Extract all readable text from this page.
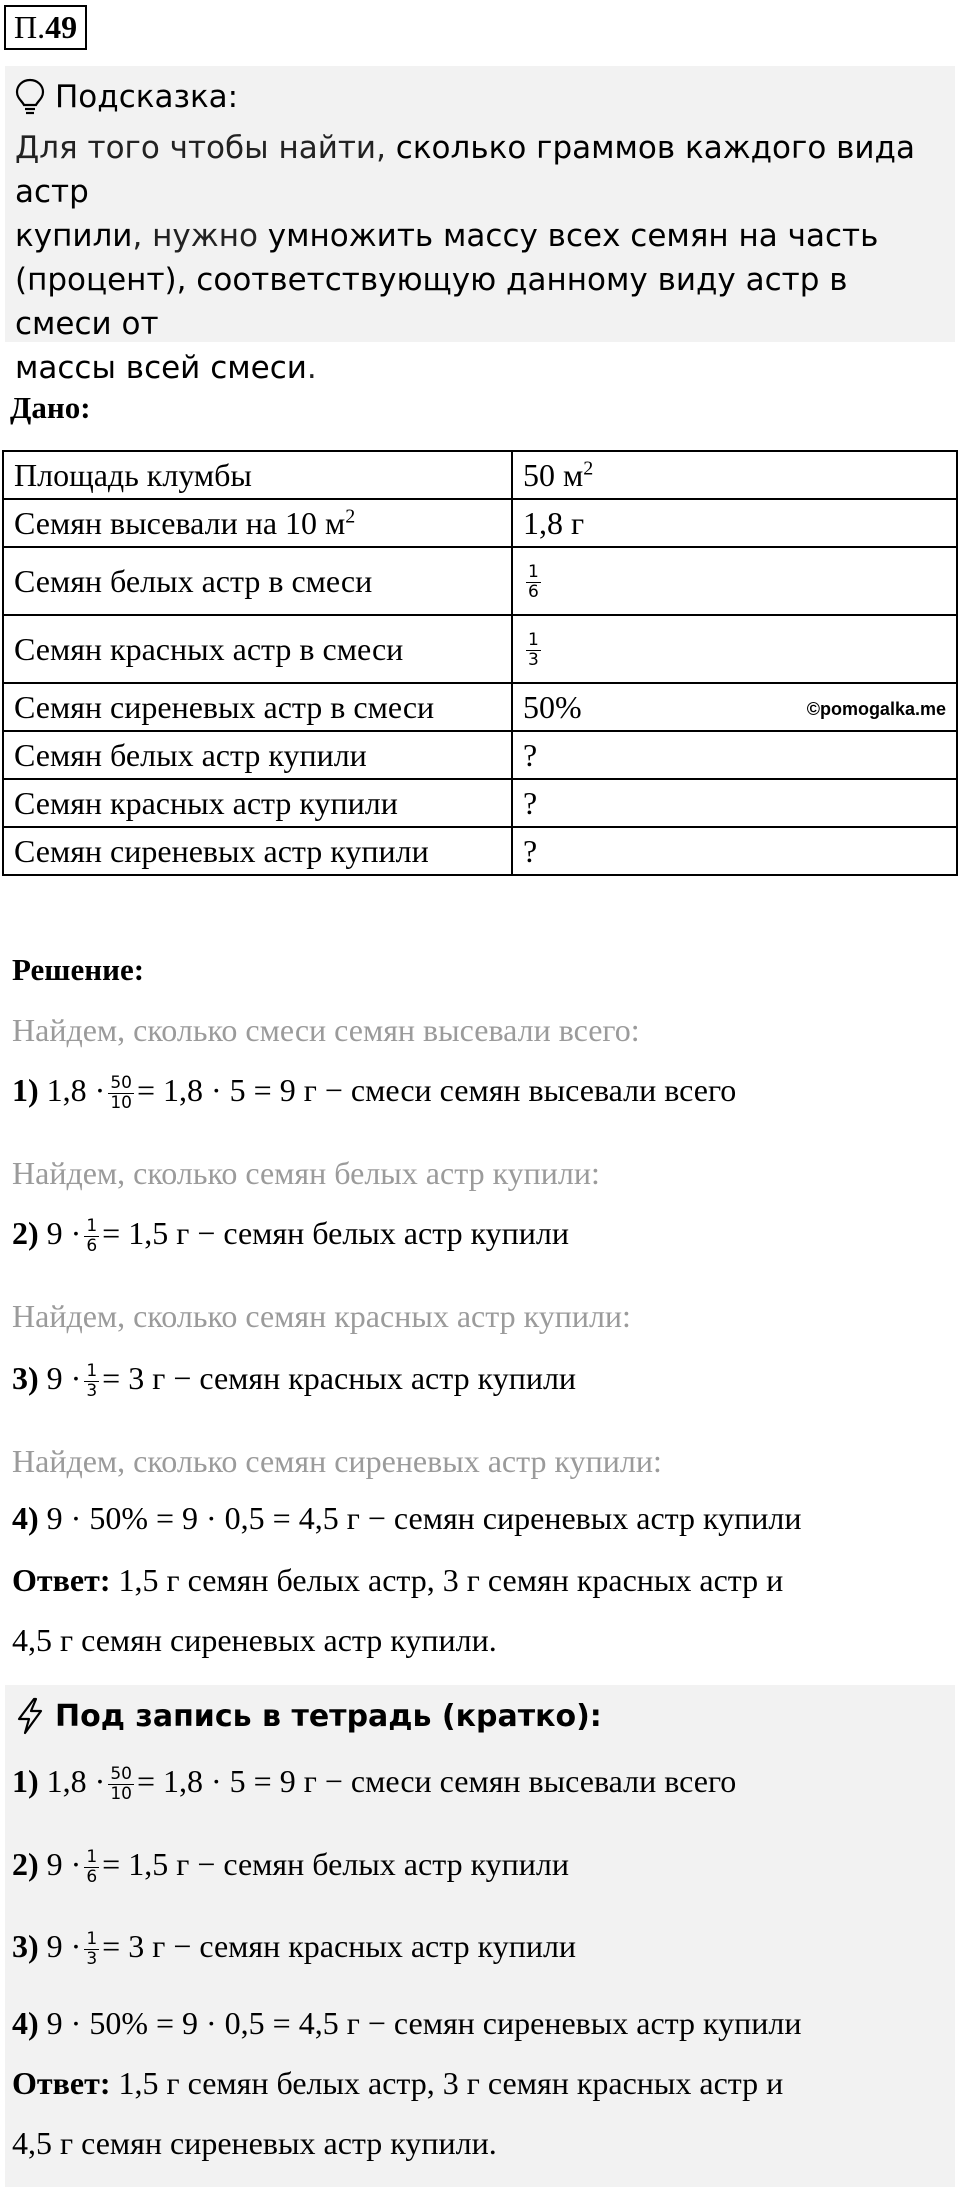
П.49
Подсказка:
Для того чтобы найти, сколько граммов каждого вида астр
купили, нужно умножить массу всех семян на часть
(процент), соответствующую данному виду астр в смеси от
массы всей смеси.
Дано:
Площадь клумбы	50 $м^2$
Семян высевали на 10 $м^2$	1,8 г
Семян белых астр в смеси	$\frac{1}{6}$

Семян красных астр в смеси	$\frac{1}{3}$

Семян сиреневых астр в смеси	50% ©pomogalka.me

Семян белых астр купили	?
Семян красных астр купили	?
Семян сиреневых астр купили	?
Решение:
Найдем, сколько смеси семян высевали всего:
1) $1,8 \cdot \frac{50}{10} = 1,8 \cdot 5 = 9$ г − смеси семян высевали всего
Найдем, сколько семян белых астр купили:
2) $9 \cdot \frac{1}{6} = 1,5$ г − семян белых астр купили
Найдем, сколько семян красных астр купили:
3) $9 \cdot \frac{1}{3} = 3$ г − семян красных астр купили
Найдем, сколько семян сиреневых астр купили:
4) 9 · 50% = 9 · 0,5 = 4,5 г − семян сиреневых астр купили
Ответ: 1,5 г семян белых астр, 3 г семян красных астр и
4,5 г семян сиреневых астр купили.
Под запись в тетрадь (кратко):
1) $1,8 \cdot \frac{50}{10} = 1,8 \cdot 5 = 9$ г − смеси семян высевали всего
2) $9 \cdot \frac{1}{6} = 1,5$ г − семян белых астр купили
3) $9 \cdot \frac{1}{3} = 3$ г − семян красных астр купили
4) 9 · 50% = 9 · 0,5 = 4,5 г − семян сиреневых астр купили
Ответ: 1,5 г семян белых астр, 3 г семян красных астр и
4,5 г семян сиреневых астр купили.
